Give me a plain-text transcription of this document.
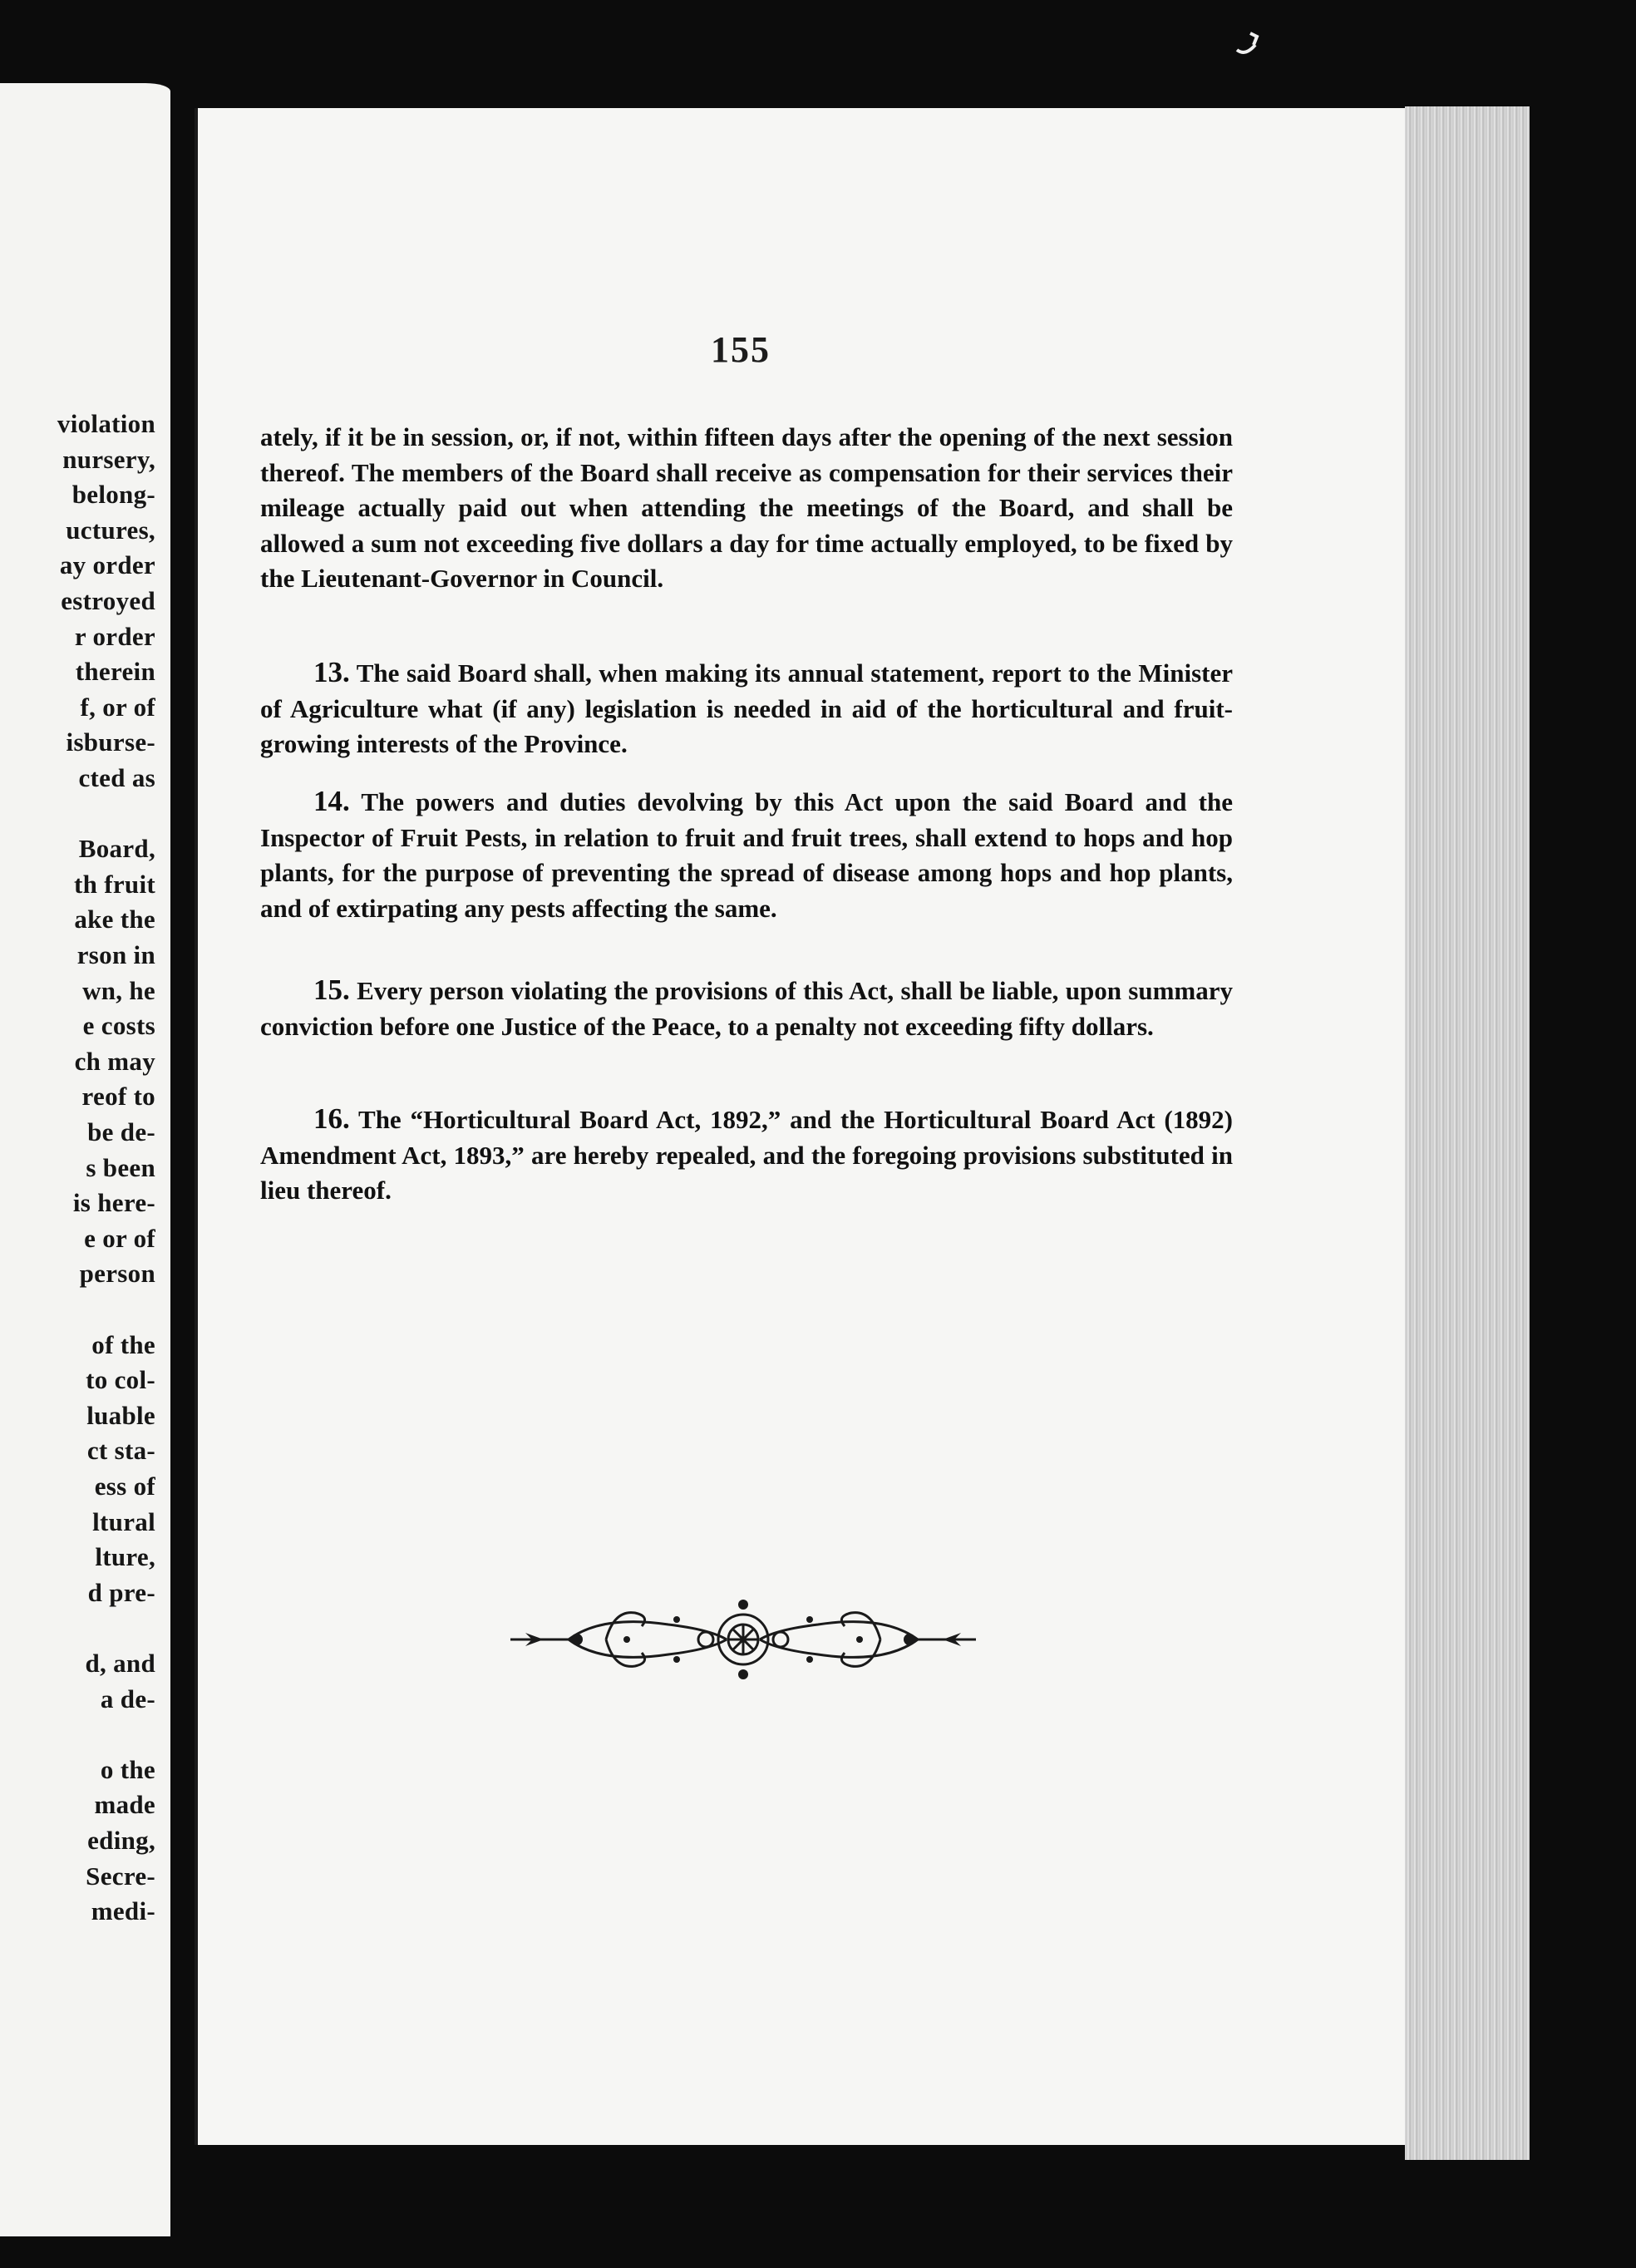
155
ately, if it be in session, or, if not, within fifteen days after the opening of the next session thereof. The members of the Board shall receive as compensation for their services their mileage actually paid out when attending the meetings of the Board, and shall be allowed a sum not exceeding five dollars a day for time actually employed, to be fixed by the Lieutenant-Governor in Council.
13. The said Board shall, when making its annual statement, report to the Minister of Agriculture what (if any) legislation is needed in aid of the horticultural and fruit-growing interests of the Province.
14. The powers and duties devolving by this Act upon the said Board and the Inspector of Fruit Pests, in relation to fruit and fruit trees, shall extend to hops and hop plants, for the purpose of preventing the spread of disease among hops and hop plants, and of extirpating any pests affecting the same.
15. Every person violating the provisions of this Act, shall be liable, upon summary conviction before one Justice of the Peace, to a penalty not exceeding fifty dollars.
16. The “Horticultural Board Act, 1892,” and the Horticultural Board Act (1892) Amendment Act, 1893,” are hereby repealed, and the foregoing provisions substituted in lieu thereof.
violation
nursery,
belong-
uctures,
ay order
estroyed
r order
therein
f, or of
isburse-
cted as
Board,
th fruit
ake the
rson in
wn, he
e costs
ch may
reof to
be de-
s been
is here-
e or of
person
of the
to col-
luable
ct sta-
ess of
ltural
lture,
d pre-
d, and
a de-
o the
made
eding,
Secre-
medi-
